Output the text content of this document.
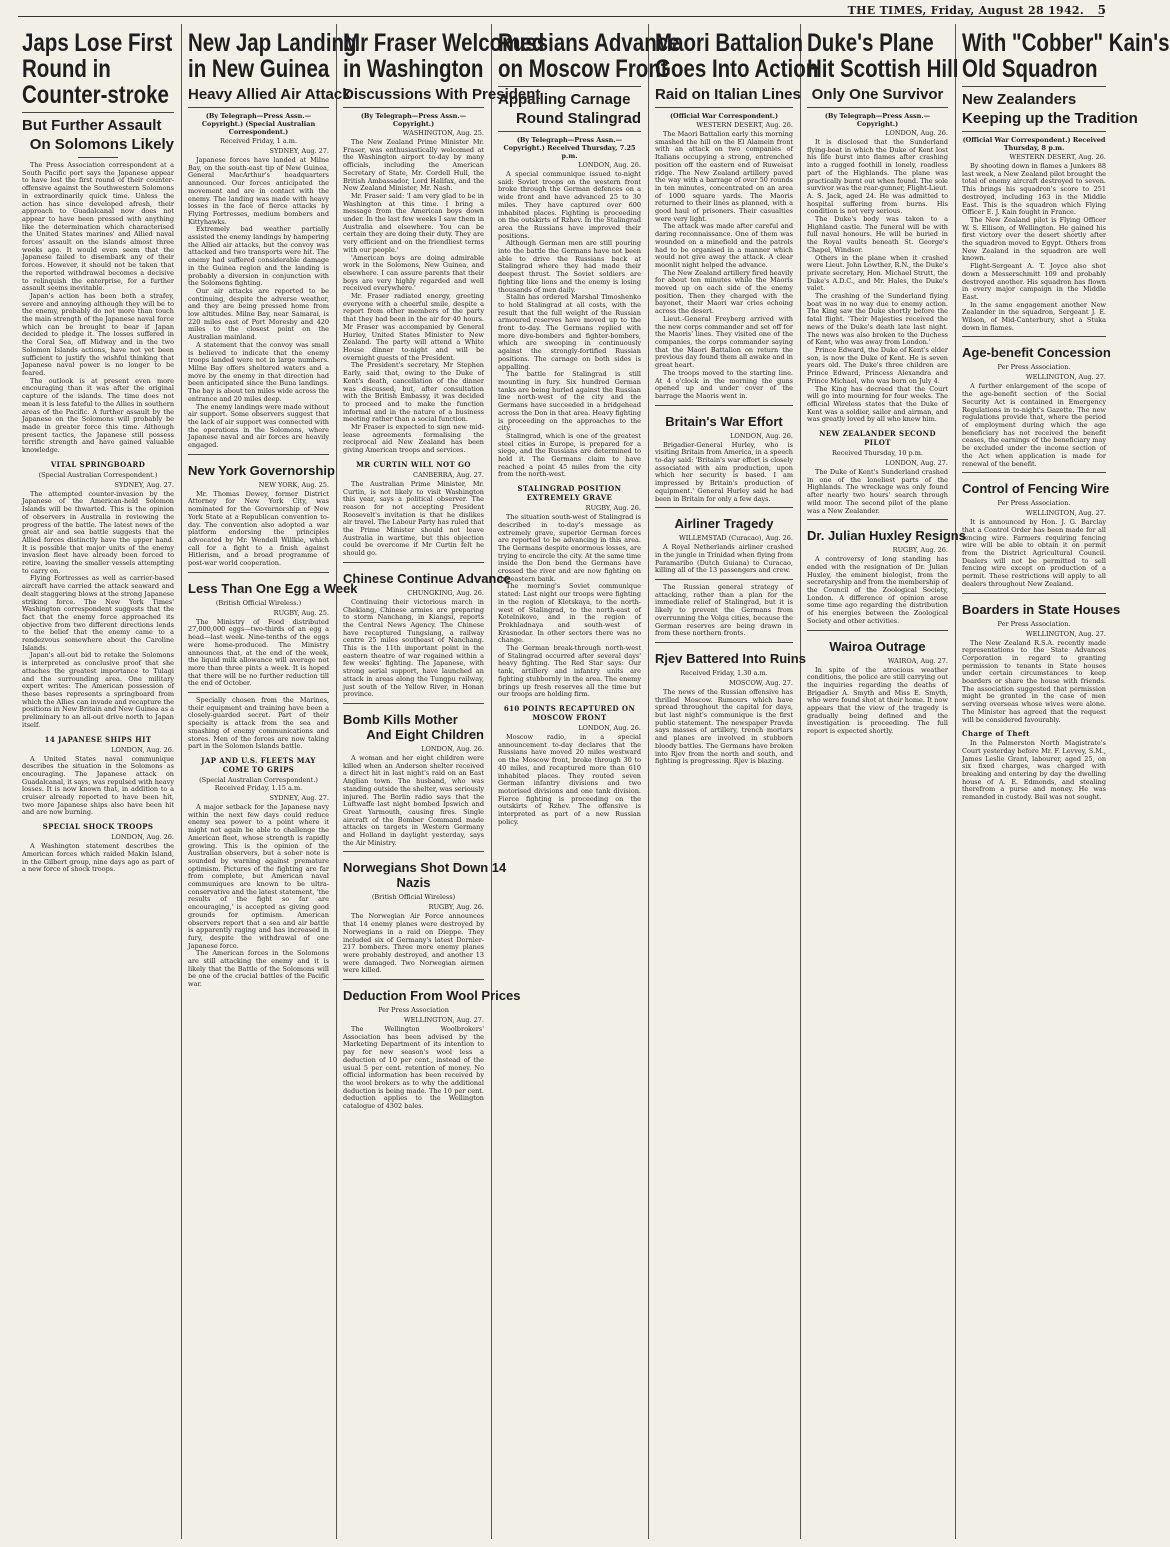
THE TIMES, Friday, August 28 1942. 5
Japs Lose First
Round in
Counter-stroke
But Further Assault
On Solomons Likely

The Press Association correspondent at a South Pacific port says the Japanese appear to have lost the first round of their counter-offensive against the Southwestern Solomons in extraordinarily quick time. Unless the action has since developed afresh, their approach to Guadalcanal now does not appear to have been pressed with anything like the determination which characterised the United States marines' and Allied naval forces' assault on the islands almost three weeks ago. It would even seem that the Japanese failed to disembark any of their forces. However, it should not be taken that the reported withdrawal becomes a decisive to relinquish the enterprise, for a further assault seems inevitable.

Japan's action has been both a strafey, severe and annoying although they will be to the enemy, probably do not more than touch the main strength of the Japanese naval force which can be brought to bear if Japan decided to pledge it. The losses suffered in the Coral Sea, off Midway and in the two Solomon Islands actions, have not yet been sufficient to justify the wishful thinking that Japanese naval power is no longer to be feared.

The outlook is at present even more encouraging than it was after the original capture of the islands. The time does not mean it is less fateful to the Allies in southern areas of the Pacific. A further assault by the Japanese on the Solomons will probably be made in greater force this time. Although present tactics, the Japanese still possess terrific strength and have gained valuable knowledge.

VITAL SPRINGBOARD
(Special Australian Correspondent.)
SYDNEY, Aug. 27.

The attempted counter-invasion by the Japanese of the American-held Solomon Islands will be thwarted. This is the opinion of observers in Australia in reviewing the progress of the battle. The latest news of the great air and sea battle suggests that the Allied forces distinctly have the upper hand. It is possible that major units of the enemy invasion fleet have already been forced to retire, leaving the smaller vessels attempting to carry on.

Flying Fortresses as well as carrier-based aircraft have carried the attack seaward and dealt staggering blows at the strong Japanese striking force. The New York Times' Washington correspondent suggests that the fact that the enemy force approached its objective from two different directions lends to the belief that the enemy came to a rendezvous somewhere about the Caroline Islands.

Japan's all-out bid to retake the Solomons is interpreted as conclusive proof that she attaches the greatest importance to Tulagi and the surrounding area. One military expert writes: The American possession of these bases represents a springboard from which the Allies can invade and recapture the positions in New Britain and New Guinea as a preliminary to an all-out drive north to Japan itself.

14 JAPANESE SHIPS HIT
LONDON, Aug. 26.

A United States naval communique describes the situation in the Solomons as encouraging. The Japanese attack on Guadalcanal, it says, was repulsed with heavy losses. It is now known that, in addition to a cruiser already reported to have been hit, two more Japanese ships also have been hit and are now burning.

SPECIAL SHOCK TROOPS
LONDON, Aug. 26.

A Washington statement describes the American forces which raided Makin Island, in the Gilbert group, nine days ago as part of a new force of shock troops.

New Jap Landing
in New Guinea
Heavy Allied Air Attack
(By Telegraph—Press Assn.—Copyright.) (Special Australian Correspondent.)
Received Friday, 1 a.m.
SYDNEY, Aug. 27.

Japanese forces have landed at Milne Bay, on the south-east tip of New Guinea, General MacArthur's headquarters announced. Our forces anticipated the movement and are in contact with the enemy. The landing was made with heavy losses in the face of fierce attacks by Flying Fortresses, medium bombers and Kittyhawks.

Extremely bad weather partially assisted the enemy landings by hampering the Allied air attacks, but the convoy was attacked and two transports were hit. The enemy had suffered considerable damage in the Guinea region and the landing is probably a diversion in conjunction with the Solomons fighting.

Our air attacks are reported to be continuing, despite the adverse weather, and they are being pressed home from low altitudes. Milne Bay, near Samarai, is 220 miles east of Port Moresby and 420 miles to the closest point on the Australian mainland.

A statement that the convoy was small is believed to indicate that the enemy troops landed were not in large numbers. Milne Bay offers sheltered waters and a move by the enemy in that direction had been anticipated since the Buna landings. The bay is about ten miles wide across the entrance and 20 miles deep.

The enemy landings were made without air support. Some observers suggest that the lack of air support was connected with the operations in the Solomons, where Japanese naval and air forces are heavily engaged.

New York Governorship
NEW YORK, Aug. 25.

Mr. Thomas Dewey, former District Attorney for New York City, was nominated for the Governorship of New York State at a Republican convention to-day. The convention also adopted a war platform endorsing the principles advocated by Mr. Wendell Willkie, which call for a fight to a finish against Hitlerism, and a broad programme of post-war world cooperation.

Less Than One Egg a Week
(British Official Wireless.)
RUGBY, Aug. 25.

The Ministry of Food distributed 27,000,000 eggs—two-thirds of an egg a head—last week. Nine-tenths of the eggs were home-produced. The Ministry announces that, at the end of the week, the liquid milk allowance will average not more than three pints a week. It is hoped that there will be no further reduction till the end of October.

Specially chosen from the Marines, their equipment and training have been a closely-guarded secret. Part of their specialty is attack from the sea and smashing of enemy communications and stores. Men of the forces are now taking part in the Solomon Islands battle.

JAP AND U.S. FLEETS MAY COME TO GRIPS
(Special Australian Correspondent.) Received Friday, 1.15 a.m.
SYDNEY, Aug. 27.

A major setback for the Japanese navy within the next few days could reduce enemy sea power to a point where it might not again be able to challenge the American fleet, whose strength is rapidly growing. This is the opinion of the Australian observers, but a sober note is sounded by warning against premature optimism. Pictures of the fighting are far from complete, but American naval communiques are known to be ultra-conservative and the latest statement, 'the results of the fight so far are encouraging,' is accepted as giving good grounds for optimism. American observers report that a sea and air battle is apparently raging and has increased in fury, despite the withdrawal of one Japanese force.

The American forces in the Solomons are still attacking the enemy and it is likely that the Battle of the Solomons will be one of the crucial battles of the Pacific war.

Mr Fraser Welcomed
in Washington
Discussions With President
(By Telegraph—Press Assn.—Copyright.)
WASHINGTON, Aug. 25.

The New Zealand Prime Minister Mr. Fraser, was enthusiastically welcomed at the Washington airport to-day by many officials, including the American Secretary of State, Mr. Cordell Hull, the British Ambassador, Lord Halifax, and the New Zealand Minister, Mr. Nash.

Mr. Fraser said: 'I am very glad to be in Washington at this time. I bring a message from the American boys down under. In the last few weeks I saw them in Australia and elsewhere. You can be certain they are doing their duty. They are very efficient and on the friendliest terms with our people.'

'American boys are doing admirable work in the Solomons, New Guinea, and elsewhere. I can assure parents that their boys are very highly regarded and well received everywhere.'

Mr. Fraser radiated energy, greeting everyone with a cheerful smile, despite a report from other members of the party that they had been in the air for 40 hours. Mr Fraser was accompanied by General Hurley, United States Minister to New Zealand. The party will attend a White House dinner to-night and will be overnight guests of the President.

The President's secretary, Mr Stephen Early, said that, owing to the Duke of Kent's death, cancellation of the dinner was discussed, but, after consultation with the British Embassy, it was decided to proceed and to make the function informal and in the nature of a business meeting rather than a social function.

Mr Fraser is expected to sign new mid-lease agreements formalising the reciprocal aid New Zealand has been giving American troops and services.

MR CURTIN WILL NOT GO
CANBERRA, Aug. 27.

The Australian Prime Minister, Mr. Curtin, is not likely to visit Washington this year, says a political observer. The reason for not accepting President Roosevelt's invitation is that he dislikes air travel. The Labour Party has ruled that the Prime Minister should not leave Australia in wartime, but this objection could be overcome if Mr Curtin felt he should go.

Chinese Continue Advance
CHUNGKING, Aug. 26.

Continuing their victorious march in Chekiang, Chinese armies are preparing to storm Nanchang, in Kiangsi, reports the Central News Agency. The Chinese have recaptured Tungsiang, a railway centre 25 miles southeast of Nanchang. This is the 11th important point in the eastern theatre of war regained within a few weeks' fighting. The Japanese, with strong aerial support, have launched an attack in areas along the Tungpu railway, just south of the Yellow River, in Honan province.

Bomb Kills Mother
And Eight Children
LONDON, Aug. 26.

A woman and her eight children were killed when an Anderson shelter received a direct hit in last night's raid on an East Anglian town. The husband, who was standing outside the shelter, was seriously injured. The Berlin radio says that the Luftwaffe last night bombed Ipswich and Great Yarmouth, causing fires. Single aircraft of the Bomber Command made attacks on targets in Western Germany and Holland in daylight yesterday, says the Air Ministry.

Norwegians Shot Down 14
Nazis
(British Official Wireless)
RUGBY, Aug. 26.

The Norwegian Air Force announces that 14 enemy planes were destroyed by Norwegians in a raid on Dieppe. They included six of Germany's latest Dornier-217 bombers. Three more enemy planes were probably destroyed, and another 13 were damaged. Two Norwegian airmen were killed.

Deduction From Wool Prices
Per Press Association
WELLINGTON, Aug. 27.

The Wellington Woolbrokers' Association has been advised by the Marketing Department of its intention to pay for new season's wool less a deduction of 10 per cent., instead of the usual 5 per cent. retention of money. No official information has been received by the wool brokers as to why the additional deduction is being made. The 10 per cent. deduction applies to the Wellington catalogue of 4302 bales.

Russians Advance
on Moscow Front
Appalling Carnage
Round Stalingrad
(By Telegraph—Press Assn.—Copyright.) Received Thursday, 7.25 p.m.
LONDON, Aug. 26.

A special communique issued to-night said: Soviet troops on the western front broke through the German defences on a wide front and have advanced 25 to 30 miles. They have captured over 600 inhabited places. Fighting is proceeding on the outskirts of Rzhev. In the Stalingrad area the Russians have improved their positions.

Although German men are still pouring into the battle the Germans have not been able to drive the Russians back at Stalingrad where they had made their deepest thrust. The Soviet soldiers are fighting like lions and the enemy is losing thousands of men daily.

Stalin has ordered Marshal Timoshenko to hold Stalingrad at all costs, with the result that the full weight of the Russian armoured reserves have moved up to the front to-day. The Germans replied with more dive-bombers and fighter-bombers, which are swooping in continuously against the strongly-fortified Russian positions. The carnage on both sides is appalling.

The battle for Stalingrad is still mounting in fury. Six hundred German tanks are being hurled against the Russian line north-west of the city and the Germans have succeeded in a bridgehead across the Don in that area. Heavy fighting is proceeding on the approaches to the city.

Stalingrad, which is one of the greatest steel cities in Europe, is prepared for a siege, and the Russians are determined to hold it. The Germans claim to have reached a point 45 miles from the city from the north-west.

STALINGRAD POSITION EXTREMELY GRAVE
RUGBY, Aug. 26.

The situation south-west of Stalingrad is described in to-day's message as extremely grave, superior German forces are reported to be advancing in this area. The Germans despite enormous losses, are trying to encircle the city. At the same time inside the Don bend the Germans have crossed the river and are now fighting on the eastern bank.

The morning's Soviet communique stated: Last night our troops were fighting in the region of Kletskaya, to the north-west of Stalingrad, to the north-east of Kotelnikovo, and in the region of Prokhladnaya and south-west of Krasnodar. In other sectors there was no change.

The German break-through north-west of Stalingrad occurred after several days' heavy fighting. The Red Star says: Our tank, artillery and infantry units are fighting stubbornly in the area. The enemy brings up fresh reserves all the time but our troops are holding firm.

610 POINTS RECAPTURED ON MOSCOW FRONT
LONDON, Aug. 26.

Moscow radio, in a special announcement to-day declares that the Russians have moved 20 miles westward on the Moscow front, broke through 30 to 40 miles, and recaptured more than 610 inhabited places. They routed seven German infantry divisions and two motorised divisions and one tank division. Fierce fighting is proceeding on the outskirts of Rzhev. The offensive is interpreted as part of a new Russian policy.

Maori Battalion
Goes Into Action
Raid on Italian Lines
(Official War Correspondent.)
WESTERN DESERT, Aug. 26.

The Maori Battalion early this morning smashed the hill on the El Alamein front with an attack on two companies of Italians occupying a strong, entrenched position off the eastern end of Ruweisat ridge. The New Zealand artillery paved the way with a barrage of over 50 rounds in ten minutes, concentrated on an area of 1000 square yards. The Maoris returned to their lines as planned, with a good haul of prisoners. Their casualties were very light.

The attack was made after careful and daring reconnaissance. One of them was wounded on a minefield and the patrols had to be organised in a manner which would not give away the attack. A clear moonlit night helped the advance.

The New Zealand artillery fired heavily for about ten minutes while the Maoris moved up on each side of the enemy position. Then they charged with the bayonet, their Maori war cries echoing across the desert.

Lieut.-General Freyberg arrived with the new corps commander and set off for the Maoris' lines. They visited one of the companies, the corps commander saying that the Maori Battalion on return the previous day found them all awake and in great heart.

The troops moved to the starting line. At 4 o'clock in the morning the guns opened up and under cover of the barrage the Maoris went in.

Britain's War Effort
LONDON, Aug. 26.

Brigadier-General Hurley, who is visiting Britain from America, in a speech to-day said: 'Britain's war effort is closely associated with aim production, upon which her security is based. I am impressed by Britain's production of equipment.' General Hurley said he had been in Britain for only a few days.

Airliner Tragedy
WILLEMSTAD (Curacao), Aug. 26.

A Royal Netherlands airliner crashed in the jungle in Trinidad when flying from Paramaribo (Dutch Guiana) to Curacao, killing all of the 13 passengers and crew.

The Russian general strategy of attacking, rather than a plan for the immediate relief of Stalingrad, but it is likely to prevent the Germans from overrunning the Volga cities, because the German reserves are being drawn in from these northern fronts.

Rjev Battered Into Ruins
Received Friday, 1.30 a.m.
MOSCOW, Aug. 27.

The news of the Russian offensive has thrilled Moscow. Rumours which have spread throughout the capital for days, but last night's communique is the first public statement. The newspaper Pravda says masses of artillery, trench mortars and planes are involved in stubborn bloody battles. The Germans have broken into Rjev from the north and south, and fighting is progressing. Rjev is blazing.

Duke's Plane
Hit Scottish Hill
Only One Survivor
(By Telegraph—Press Assn.—Copyright.)
LONDON, Aug. 26.

It is disclosed that the Sunderland flying-boat in which the Duke of Kent lost his life burst into flames after crashing into a rugged foothill in lonely, roadless part of the Highlands. The plane was practically burnt out when found. The sole survivor was the rear-gunner, Flight-Lieut. A. S. Jack, aged 24. He was admitted to hospital suffering from burns. His condition is not very serious.

The Duke's body was taken to a Highland castle. The funeral will be with full naval honours. He will be buried in the Royal vaults beneath St. George's Chapel, Windsor.

Others in the plane when it crashed were Lieut. John Lowther, R.N., the Duke's private secretary, Hon. Michael Strutt, the Duke's A.D.C., and Mr. Hales, the Duke's valet.

The crashing of the Sunderland flying boat was in no way due to enemy action. The King saw the Duke shortly before the fatal flight. 'Their Majesties received the news of the Duke's death late last night. The news was also broken to the Duchess of Kent, who was away from London.'

Prince Edward, the Duke of Kent's elder son, is now the Duke of Kent. He is seven years old. The Duke's three children are Prince Edward, Princess Alexandra and Prince Michael, who was born on July 4.

The King has decreed that the Court will go into mourning for four weeks. The official Wireless states that the Duke of Kent was a soldier, sailor and airman, and was greatly loved by all who knew him.

NEW ZEALANDER SECOND PILOT
Received Thursday, 10 p.m.
LONDON, Aug. 27.

The Duke of Kent's Sunderland crashed in one of the loneliest parts of the Highlands. The wreckage was only found after nearly two hours' search through wild moor. The second pilot of the plane was a New Zealander.

Dr. Julian Huxley Resigns
RUGBY, Aug. 26.

A controversy of long standing has ended with the resignation of Dr. Julian Huxley, the eminent biologist, from the secretaryship and from the membership of the Council of the Zoological Society, London. A difference of opinion arose some time ago regarding the distribution of his energies between the Zoological Society and other activities.

Wairoa Outrage
WAIROA, Aug. 27.

In spite of the atrocious weather conditions, the police are still carrying out the inquiries regarding the deaths of Brigadier A. Smyth and Miss E. Smyth, who were found shot at their home. It now appears that the view of the tragedy is gradually being defined and the investigation is proceeding. The full report is expected shortly.

With "Cobber" Kain's
Old Squadron
New Zealanders
Keeping up the Tradition
(Official War Correspondent.) Received Thursday, 8 p.m.
WESTERN DESERT, Aug. 26.

By shooting down in flames a Junkers 88 last week, a New Zealand pilot brought the total of enemy aircraft destroyed to seven. This brings his squadron's score to 251 destroyed, including 163 in the Middle East. This is the squadron which Flying Officer E. J. Kain fought in France.

The New Zealand pilot is Flying Officer W. S. Ellison, of Wellington. He gained his first victory over the desert shortly after the squadron moved to Egypt. Others from New Zealand in the squadron are well known.

Flight-Sergeant A. T. Joyce also shot down a Messerschmitt 109 and probably destroyed another. His squadron has flown in every major campaign in the Middle East.

In the same engagement another New Zealander in the squadron, Sergeant J. E. Wilson, of Mid-Canterbury, shot a Stuka down in flames.

Age-benefit Concession
Per Press Association.
WELLINGTON, Aug. 27.

A further enlargement of the scope of the age-benefit section of the Social Security Act is contained in Emergency Regulations in to-night's Gazette. The new regulations provide that, where the period of employment during which the age beneficiary has not received the benefit ceases, the earnings of the beneficiary may be excluded under the income section of the Act when application is made for renewal of the benefit.

Control of Fencing Wire
Per Press Association.
WELLINGTON, Aug. 27.

It is announced by Hon. J. G. Barclay that a Control Order has been made for all fencing wire. Farmers requiring fencing wire will be able to obtain it on permit from the District Agricultural Council. Dealers will not be permitted to sell fencing wire except on production of a permit. These restrictions will apply to all dealers throughout New Zealand.

Boarders in State Houses
Per Press Association.
WELLINGTON, Aug. 27.

The New Zealand R.S.A. recently made representations to the State Advances Corporation in regard to granting permission to tenants in State houses under certain circumstances to keep boarders or share the house with friends. The association suggested that permission might be granted in the case of men serving overseas whose wives were alone. The Minister has agreed that the request will be considered favourably.

Charge of Theft

In the Palmerston North Magistrate's Court yesterday before Mr. F. Levvey, S.M., James Leslie Grant, labourer, aged 25, on six fixed charges, was charged with breaking and entering by day the dwelling house of A. E. Edmonds, and stealing therefrom a purse and money. He was remanded in custody. Bail was not sought.
